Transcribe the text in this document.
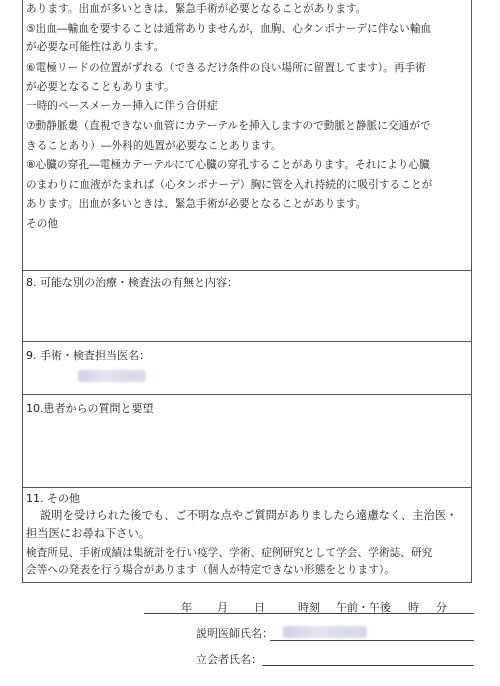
あります。出血が多いときは、緊急手術が必要となることがあります。
⑤出血―輸血を要することは通常ありませんが，血胸、心タンポナーデに伴ない輸血
が必要な可能性はあります。
⑥電極リードの位置がずれる（できるだけ条件の良い場所に留置してます）。再手術
が必要となることもあります。
一時的ペースメーカー挿入に伴う合併症
⑦動静脈婁（直視できない血管にカテーテルを挿入しますので動脈と静脈に交通がで
きることあり）―外科的処置が必要なことあります。
⑧心臓の穿孔―電極カテーテルにて心臓の穿孔することがあります。それにより心臓
のまわりに血液がたまれば（心タンポナーデ）胸に管を入れ持続的に吸引することが
あります。出血が多いときは、緊急手術が必要となることがあります。
その他
8. 可能な別の治療・検査法の有無と内容：
9. 手術・検査担当医名：
10.患者からの質問と要望
11. その他
説明を受けられた後でも、ご不明な点やご質問がありましたら遠慮なく、主治医・
担当医にお尋ね下さい。
検査所見、手術成績は集統計を行い疫学、学術、症例研究として学会、学術誌、研究
会等への発表を行う場合があります（個人が特定できない形態をとります）。
年 月 日	時刻 午前・午後 時 分
説明医師氏名：
立会者氏名：
